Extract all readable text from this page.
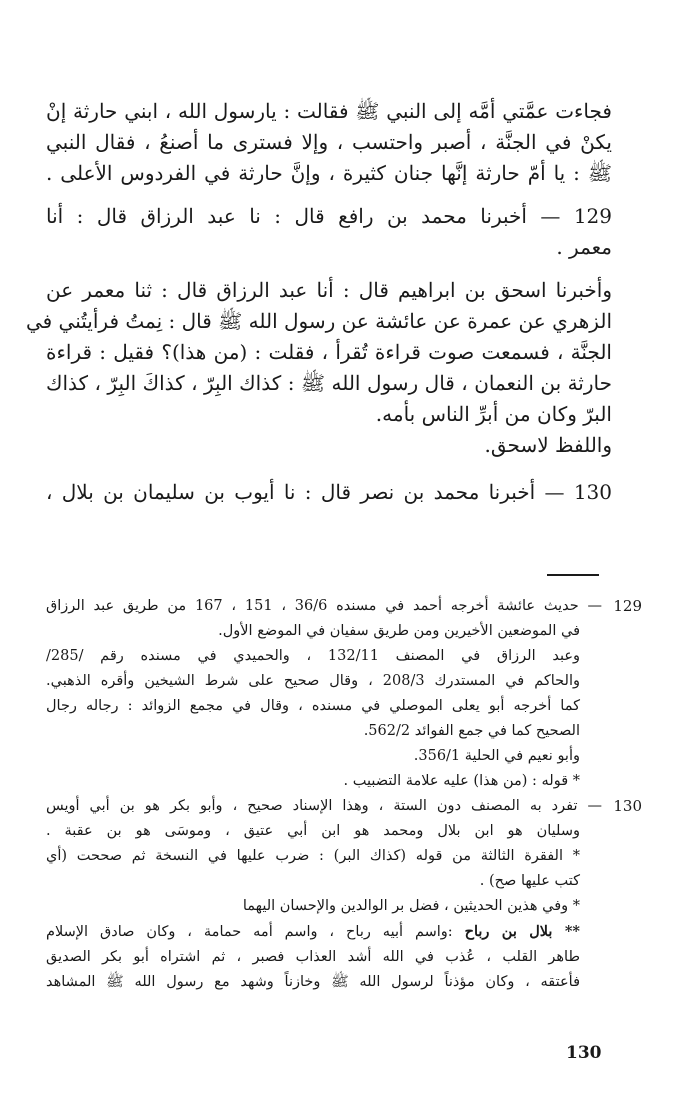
فجاءت عمَّتي أمَّه إلى النبي ﷺ فقالت : يارسول الله ، ابني حارثة إنْ

يكنْ في الجنَّة ، أصبر واحتسب ، وإلا فسترى ما أصنعُ ، فقال النبي

ﷺ : يا أمّ حارثة إنَّها جنان كثيرة ، وإنَّ حارثة في الفردوس الأعلى .

129 — أخبرنا محمد بن رافع قال : نا عبد الرزاق قال : أنا

معمر .

وأخبرنا اسحق بن ابراهيم قال : أنا عبد الرزاق قال : ثنا معمر عن

الزهري عن عمرة عن عائشة عن رسول الله ﷺ قال : نِمتُ فرأيتُني في

الجنَّة ، فسمعت صوت قراءة تُقرأ ، فقلت : (من هذا)؟ فقيل : قراءة

حارثة بن النعمان ، قال رسول الله ﷺ : كذاك البِرّ ، كذاكَ البِرّ ، كذاك

البرّ وكان من أبرِّ الناس بأمه.

واللفظ لاسحق.

130 — أخبرنا محمد بن نصر قال : نا أيوب بن سليمان بن بلال ،

129

— حديث عائشة أخرجه أحمد في مسنده 36/6 ، 151 ، 167 من طريق عبد الرزاق

في الموضعين الأخيرين ومن طريق سفيان في الموضع الأول.

وعبد الرزاق في المصنف 132/11 ، والحميدي في مسنده رقم /285/

والحاكم في المستدرك 208/3 ، وقال صحيح على شرط الشيخين وأقره الذهبي.

كما أخرجه أبو يعلى الموصلي في مسنده ، وقال في مجمع الزوائد : رجاله رجال

الصحيح كما في جمع الفوائد 562/2.

وأبو نعيم في الحلية 356/1.

* قوله : (من هذا) عليه علامة التضبيب .

130

— تفرد به المصنف دون الستة ، وهذا الإسناد صحيح ، وأبو بكر هو بن أبي أويس

وسليان هو ابن بلال ومحمد هو ابن أبي عتيق ، وموسَى هو بن عقبة .

* الفقرة الثالثة من قوله (كذاك البر) : ضرب عليها في النسخة ثم صححت (أي

كتب عليها صح) .

* وفي هذين الحديثين ، فضل بر الوالدين والإحسان اليهما

** بلال بن رباح :واسم أبيه رباح ، واسم أمه حمامة ، وكان صادق الإسلام

طاهر القلب ، عُذب في الله أشد العذاب فصبر ، ثم اشتراه أبو بكر الصديق

فأعتقه ، وكان مؤذناً لرسول الله ﷺ وخازناً وشهد مع رسول الله ﷺ المشاهد

130
